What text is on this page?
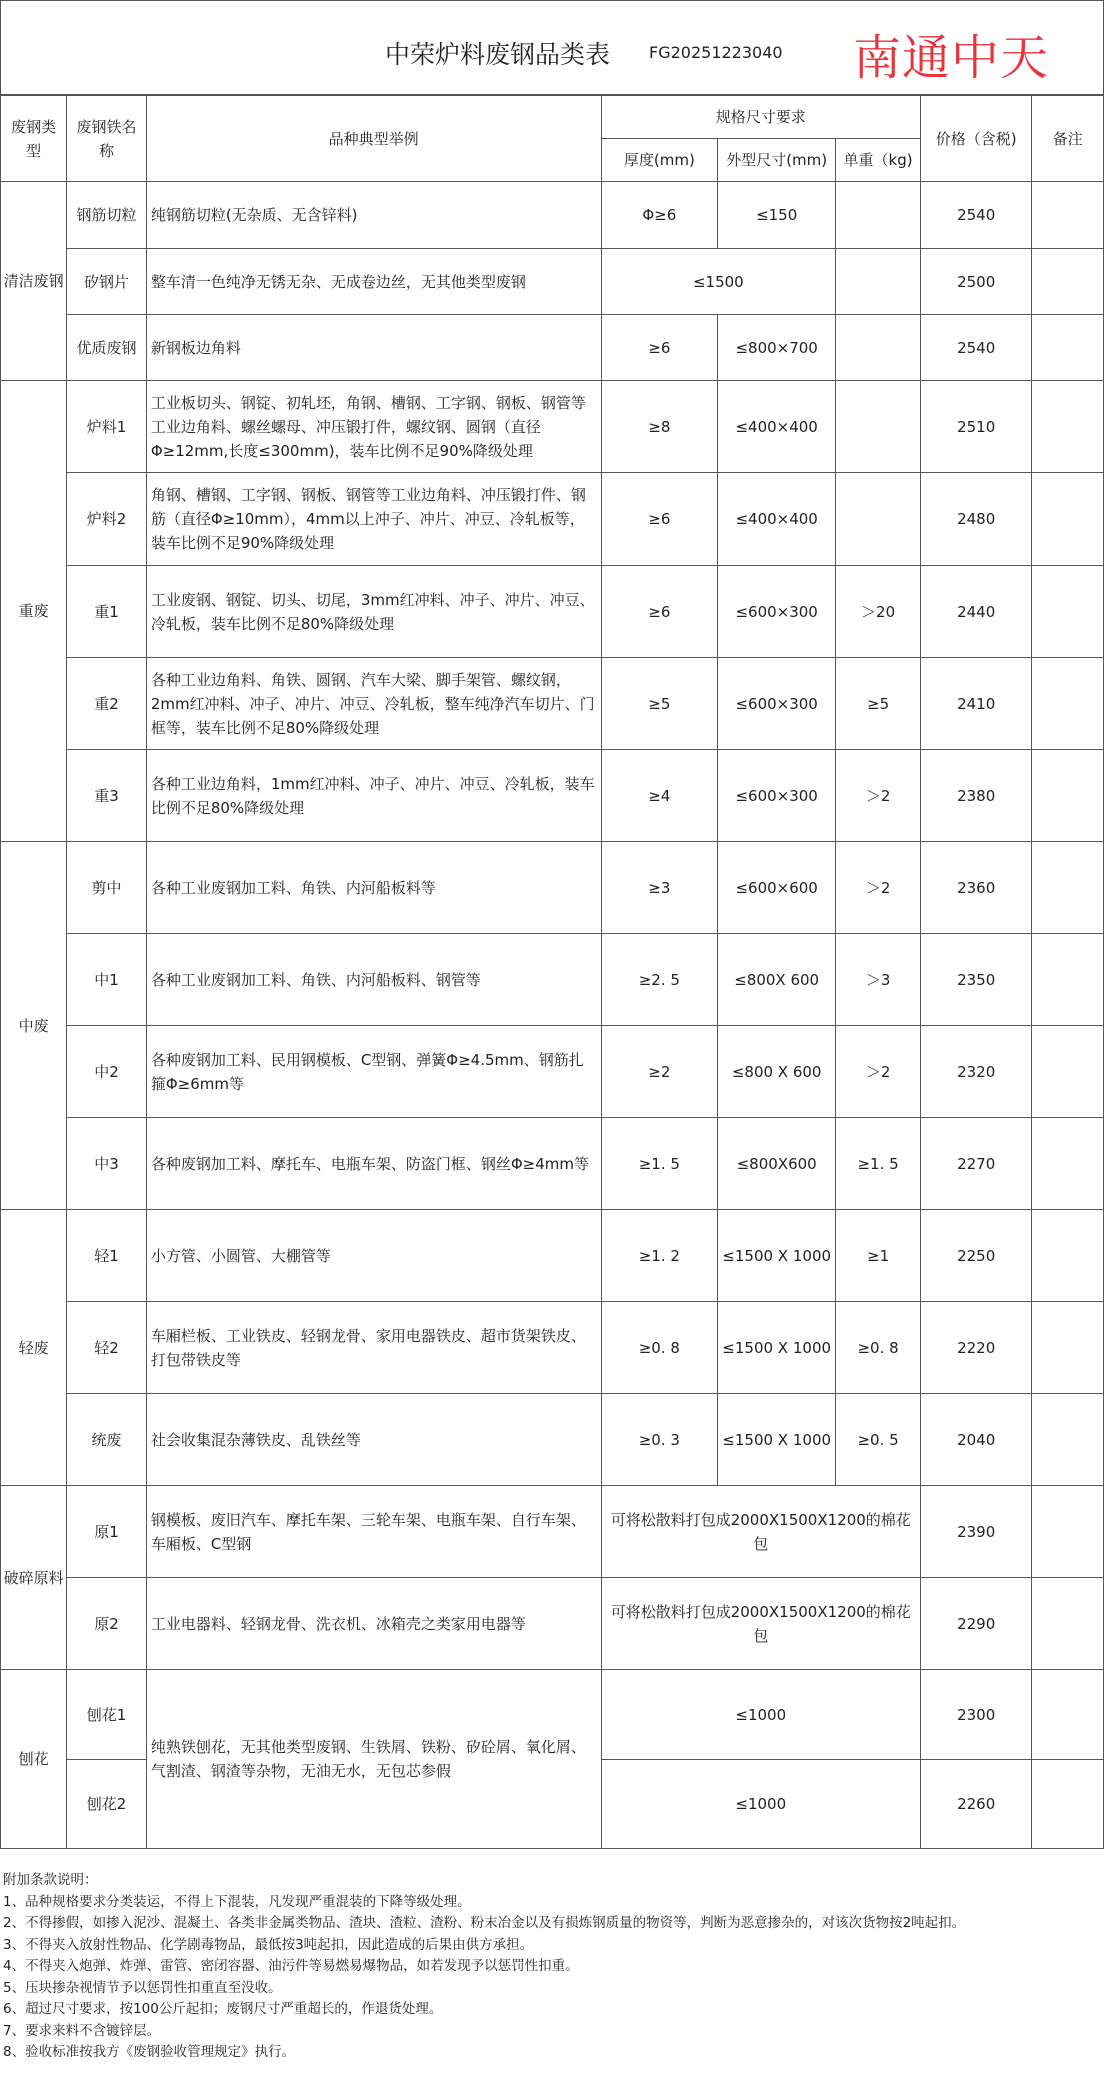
中荣炉料废钢品类表 FG20251223040 南通中天
废钢类型	废钢铁名称	品种典型举例	规格尺寸要求			价格（含税)	备注
			厚度(mm)	外型尺寸(mm)	单重（kg)		
清洁废钢	钢筋切粒	纯钢筋切粒(无杂质、无含锌料)	Φ≥6	≤150		2540	
	矽钢片	整车清一色纯净无锈无杂、无成卷边丝，无其他类型废钢	≤1500			2500	
	优质废钢	新钢板边角料	≥6	≤800×700		2540	
重废	炉料1	工业板切头、钢锭、初轧坯，角钢、槽钢、工字钢、钢板、钢管等工业边角料、螺丝螺母、冲压锻打件，螺纹钢、圆钢（直径Φ≥12mm,长度≤300mm)，装车比例不足90%降级处理	≥8	≤400×400		2510	
	炉料2	角钢、槽钢、工字钢、钢板、钢管等工业边角料、冲压锻打件、钢筋（直径Φ≥10mm），4mm以上冲子、冲片、冲豆、冷轧板等，装车比例不足90%降级处理	≥6	≤400×400		2480	
	重1	工业废钢、钢锭、切头、切尾，3mm红冲料、冲子、冲片、冲豆、冷轧板，装车比例不足80%降级处理	≥6	≤600×300	＞20	2440	
	重2	各种工业边角料、角铁、圆钢、汽车大梁、脚手架管、螺纹钢，2mm红冲料、冲子、冲片、冲豆、冷轧板，整车纯净汽车切片、门框等，装车比例不足80%降级处理	≥5	≤600×300	≥5	2410	
	重3	各种工业边角料，1mm红冲料、冲子、冲片、冲豆、冷轧板，装车比例不足80%降级处理	≥4	≤600×300	＞2	2380	
中废	剪中	各种工业废钢加工料、角铁、内河船板料等	≥3	≤600×600	＞2	2360	
	中1	各种工业废钢加工料、角铁、内河船板料、钢管等	≥2. 5	≤800X 600	＞3	2350	
	中2	各种废钢加工料、民用钢模板、C型钢、弹簧Φ≥4.5mm、钢筋扎箍Φ≥6mm等	≥2	≤800 X 600	＞2	2320	
	中3	各种废钢加工料、摩托车、电瓶车架、防盗门框、钢丝Φ≥4mm等	≥1. 5	≤800X600	≥1. 5	2270	
轻废	轻1	小方管、小圆管、大棚管等	≥1. 2	≤1500 X 1000	≥1	2250	
	轻2	车厢栏板、工业铁皮、轻钢龙骨、家用电器铁皮、超市货架铁皮、打包带铁皮等	≥0. 8	≤1500 X 1000	≥0. 8	2220	
	统废	社会收集混杂薄铁皮、乱铁丝等	≥0. 3	≤1500 X 1000	≥0. 5	2040	
破碎原料	原1	钢模板、废旧汽车、摩托车架、三轮车架、电瓶车架、自行车架、车厢板、C型钢	可将松散料打包成2000X1500X1200的棉花包			2390	
	原2	工业电器料、轻钢龙骨、洗衣机、冰箱壳之类家用电器等	可将松散料打包成2000X1500X1200的棉花包			2290	
刨花	刨花1	纯熟铁刨花，无其他类型废钢、生铁屑、铁粉、矽砼屑、氧化屑、气割渣、钢渣等杂物，无油无水，无包芯参假	≤1000			2300	
	刨花2		≤1000			2260	
附加条款说明：
1、品种规格要求分类装运，不得上下混装，凡发现严重混装的下降等级处理。
2、不得掺假，如掺入泥沙、混凝土、各类非金属类物品、渣块、渣粒、渣粉、粉末冶金以及有损炼钢质量的物资等，判断为恶意掺杂的，对该次货物按2吨起扣。
3、不得夹入放射性物品、化学剧毒物品，最低按3吨起扣，因此造成的后果由供方承担。
4、不得夹入炮弹、炸弹、雷管、密闭容器、油污件等易燃易爆物品，如若发现予以惩罚性扣重。
5、压块掺杂视情节予以惩罚性扣重直至没收。
6、超过尺寸要求，按100公斤起扣；废钢尺寸严重超长的，作退货处理。
7、要求来料不含镀锌层。
8、验收标准按我方《废钢验收管理规定》执行。
